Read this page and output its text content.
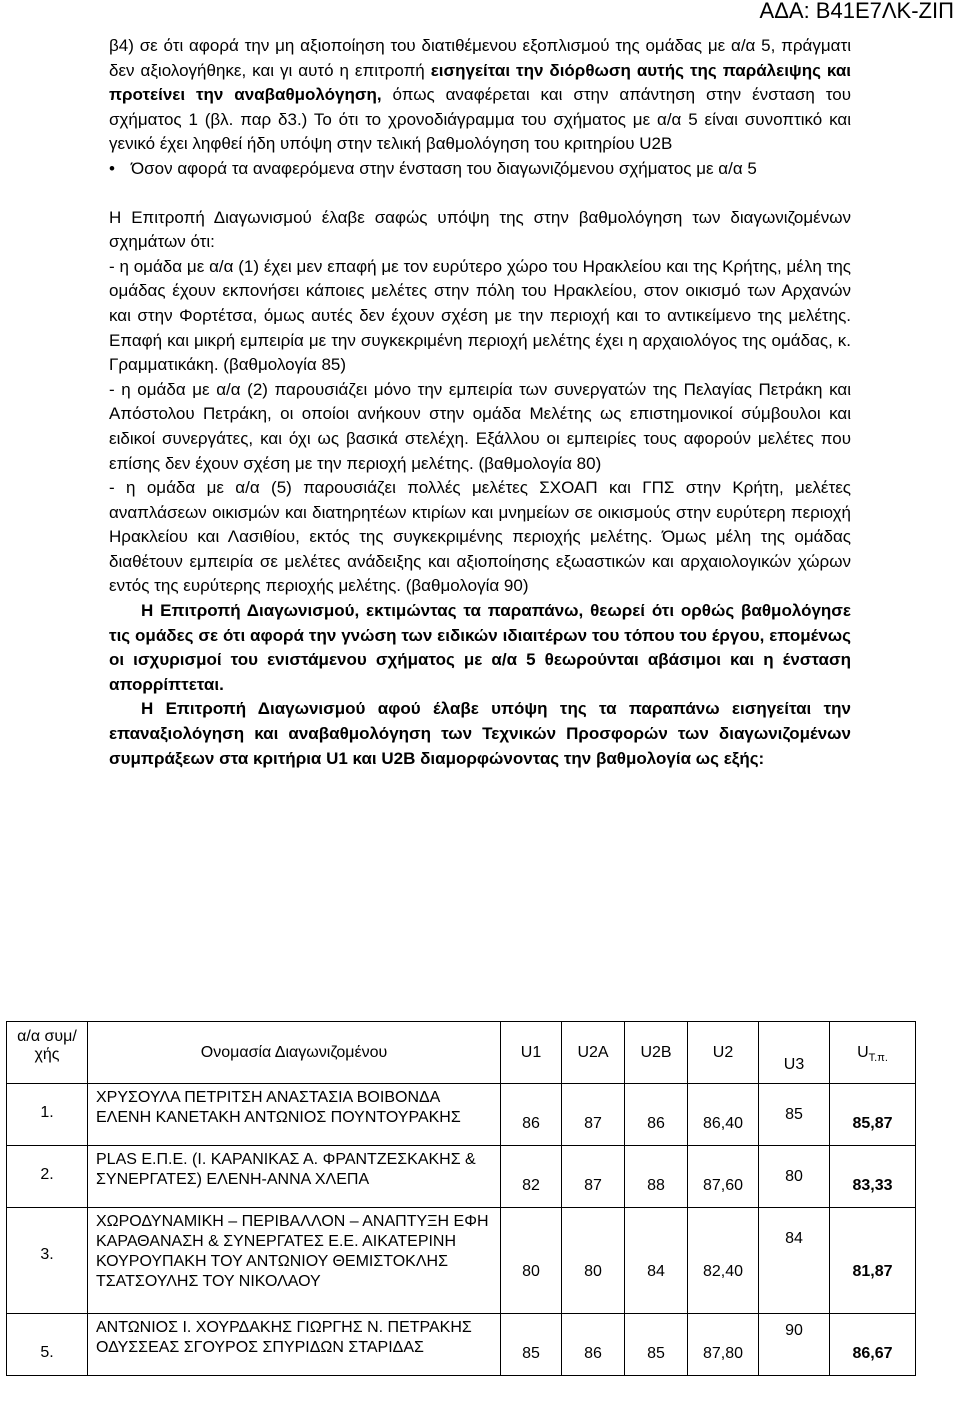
ΑΔΑ: Β41Ε7ΛΚ-ΖΙΠ

β4) σε ότι αφορά την μη αξιοποίηση του διατιθέμενου εξοπλισμού της ομάδας με α/α 5, πράγματι δεν αξιολογήθηκε, και γι αυτό η επιτροπή εισηγείται την διόρθωση αυτής της παράλειψης και προτείνει την αναβαθμολόγηση, όπως αναφέρεται και στην απάντηση στην ένσταση του σχήματος 1 (βλ. παρ δ3.) Το ότι το χρονοδιάγραμμα του σχήματος με α/α 5 είναι συνοπτικό και γενικό έχει ληφθεί ήδη υπόψη στην τελική βαθμολόγηση του κριτηρίου U2B

• Όσον αφορά τα αναφερόμενα στην ένσταση του διαγωνιζόμενου σχήματος με α/α 5

Η Επιτροπή Διαγωνισμού έλαβε σαφώς υπόψη της στην βαθμολόγηση των διαγωνιζομένων σχημάτων ότι:

- η ομάδα με α/α (1) έχει μεν επαφή με τον ευρύτερο χώρο του Ηρακλείου και της Κρήτης, μέλη της ομάδας έχουν εκπονήσει κάποιες μελέτες στην πόλη του Ηρακλείου, στον οικισμό των Αρχανών και στην Φορτέτσα, όμως αυτές δεν έχουν σχέση με την περιοχή και το αντικείμενο της μελέτης. Επαφή και μικρή εμπειρία με την συγκεκριμένη περιοχή μελέτης έχει η αρχαιολόγος της ομάδας, κ. Γραμματικάκη. (βαθμολογία 85)

- η ομάδα με α/α (2) παρουσιάζει μόνο την εμπειρία των συνεργατών της Πελαγίας Πετράκη και Απόστολου Πετράκη, οι οποίοι ανήκουν στην ομάδα Μελέτης ως επιστημονικοί σύμβουλοι και ειδικοί συνεργάτες, και όχι ως βασικά στελέχη. Εξάλλου οι εμπειρίες τους αφορούν μελέτες που επίσης δεν έχουν σχέση με την περιοχή μελέτης. (βαθμολογία 80)

- η ομάδα με α/α (5) παρουσιάζει πολλές μελέτες ΣΧΟΑΠ και ΓΠΣ στην Κρήτη, μελέτες αναπλάσεων οικισμών και διατηρητέων κτιρίων και μνημείων σε οικισμούς στην ευρύτερη περιοχή Ηρακλείου και Λασιθίου, εκτός της συγκεκριμένης περιοχής μελέτης. Όμως μέλη της ομάδας διαθέτουν εμπειρία σε μελέτες ανάδειξης και αξιοποίησης εξωαστικών και αρχαιολογικών χώρων εντός της ευρύτερης περιοχής μελέτης. (βαθμολογία 90)

Η Επιτροπή Διαγωνισμού, εκτιμώντας τα παραπάνω, θεωρεί ότι ορθώς βαθμολόγησε τις ομάδες σε ότι αφορά την γνώση των ειδικών ιδιαιτέρων του τόπου του έργου, επομένως οι ισχυρισμοί του ενιστάμενου σχήματος με α/α 5 θεωρούνται αβάσιμοι και η ένσταση απορρίπτεται.

Η Επιτροπή Διαγωνισμού αφού έλαβε υπόψη της τα παραπάνω εισηγείται την επαναξιολόγηση και αναβαθμολόγηση των Τεχνικών Προσφορών των διαγωνιζομένων συμπράξεων στα κριτήρια U1 και U2B διαμορφώνοντας την βαθμολογία ως εξής:

α/α συμ/χής	Ονομασία Διαγωνιζομένου	U1	U2A	U2B	U2	U3	$U_{T.\pi.}$
1.	ΧΡΥΣΟΥΛΑ ΠΕΤΡΙΤΣΗ ΑΝΑΣΤΑΣΙΑ ΒΟΙΒΟΝΔΑ ΕΛΕΝΗ ΚΑΝΕΤΑΚΗ ΑΝΤΩΝΙΟΣ ΠΟΥΝΤΟΥΡΑΚΗΣ	86	87	86	86,40	85	85,87
2.	PLAS Ε.Π.Ε. (Ι. ΚΑΡΑΝΙΚΑΣ Α. ΦΡΑΝΤΖΕΣΚΑΚΗΣ & ΣΥΝΕΡΓΑΤΕΣ) ΕΛΕΝΗ-ΑΝΝΑ ΧΛΕΠΑ	82	87	88	87,60	80	83,33
3.	ΧΩΡΟΔΥΝΑΜΙΚΗ – ΠΕΡΙΒΑΛΛΟΝ – ΑΝΑΠΤΥΞΗ ΕΦΗ ΚΑΡΑΘΑΝΑΣΗ & ΣΥΝΕΡΓΑΤΕΣ Ε.Ε. ΑΙΚΑΤΕΡΙΝΗ ΚΟΥΡΟΥΠΑΚΗ ΤΟΥ ΑΝΤΩΝΙΟΥ ΘΕΜΙΣΤΟΚΛΗΣ ΤΣΑΤΣΟΥΛΗΣ ΤΟΥ ΝΙΚΟΛΑΟΥ	80	80	84	82,40	84	81,87
5.	ΑΝΤΩΝΙΟΣ Ι. ΧΟΥΡΔΑΚΗΣ ΓΙΩΡΓΗΣ Ν. ΠΕΤΡΑΚΗΣ ΟΔΥΣΣΕΑΣ ΣΓΟΥΡΟΣ ΣΠΥΡΙΔΩΝ ΣΤΑΡΙΔΑΣ	85	86	85	87,80	90	86,67
